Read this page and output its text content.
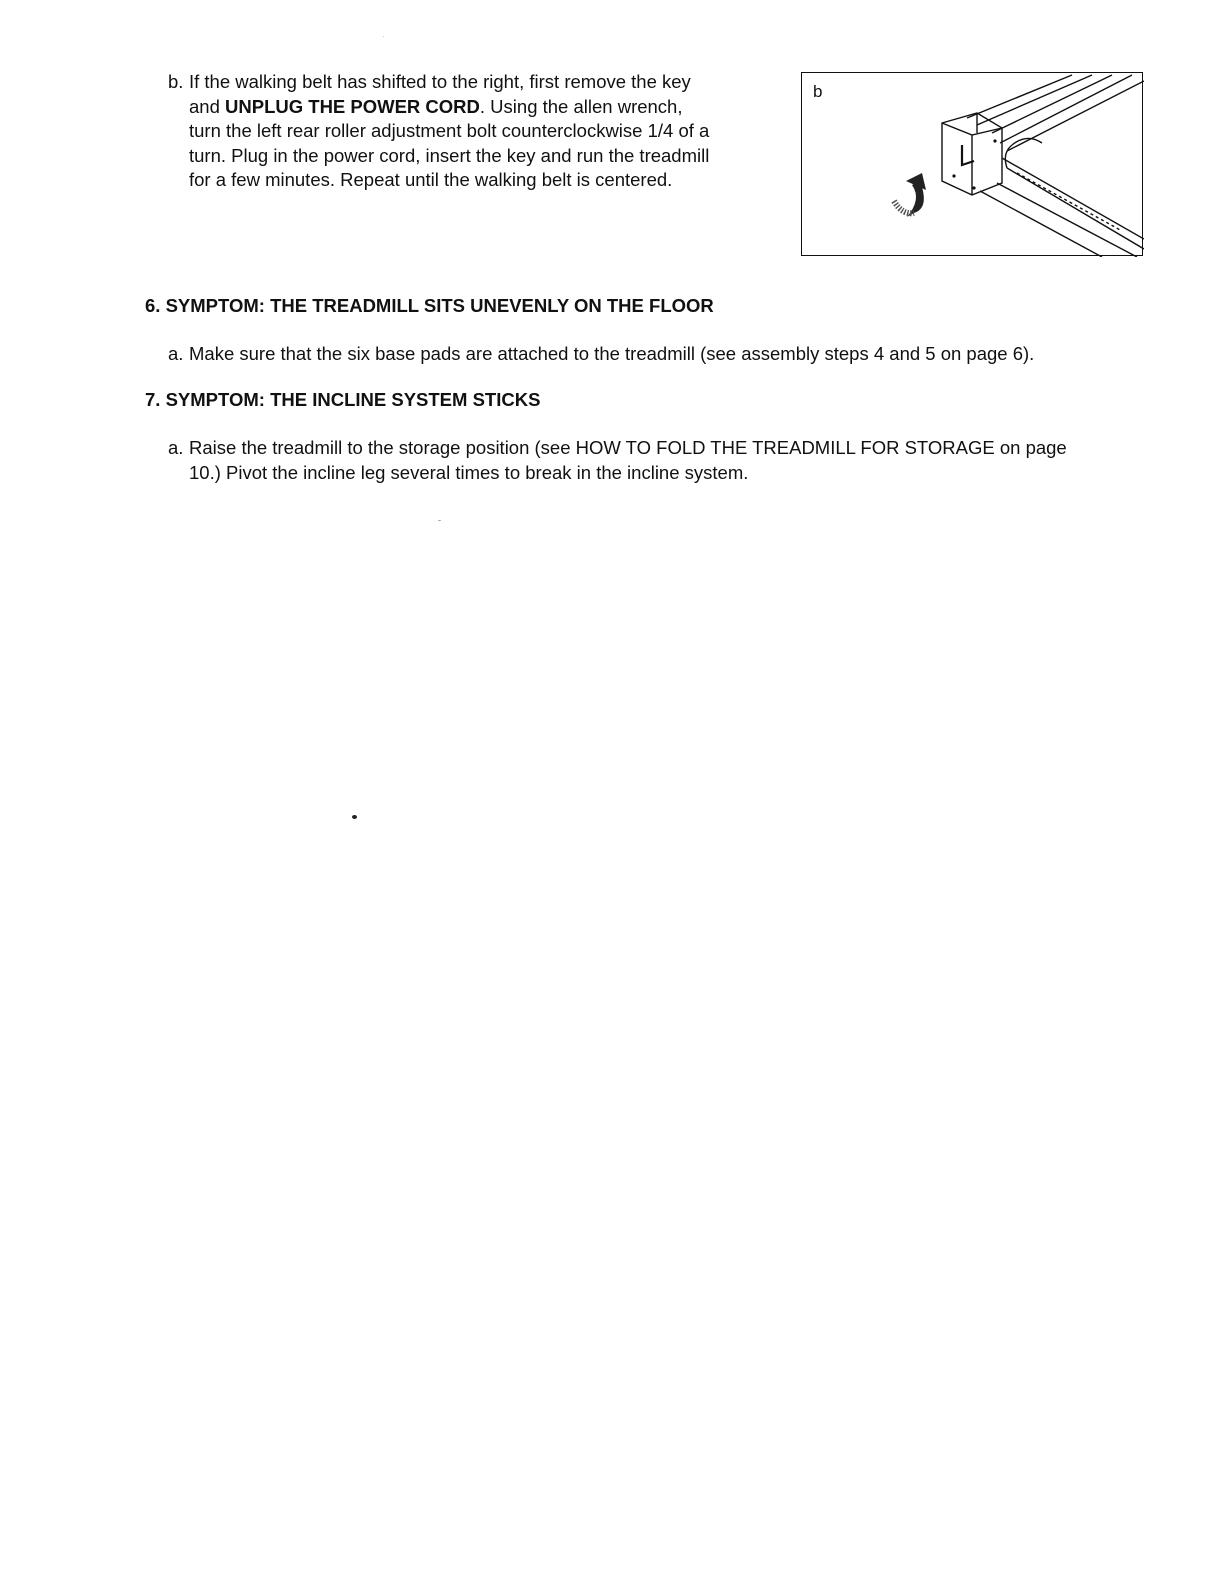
b. If the walking belt has shifted to the right, first remove the key
and UNPLUG THE POWER CORD. Using the allen wrench,
turn the left rear roller adjustment bolt counterclockwise 1/4 of a
turn. Plug in the power cord, insert the key and run the treadmill
for a few minutes. Repeat until the walking belt is centered.
b
6. SYMPTOM: THE TREADMILL SITS UNEVENLY ON THE FLOOR
a. Make sure that the six base pads are attached to the treadmill (see assembly steps 4 and 5 on page 6).
7. SYMPTOM: THE INCLINE SYSTEM STICKS
a. Raise the treadmill to the storage position (see HOW TO FOLD THE TREADMILL FOR STORAGE on page
10.) Pivot the incline leg several times to break in the incline system.
